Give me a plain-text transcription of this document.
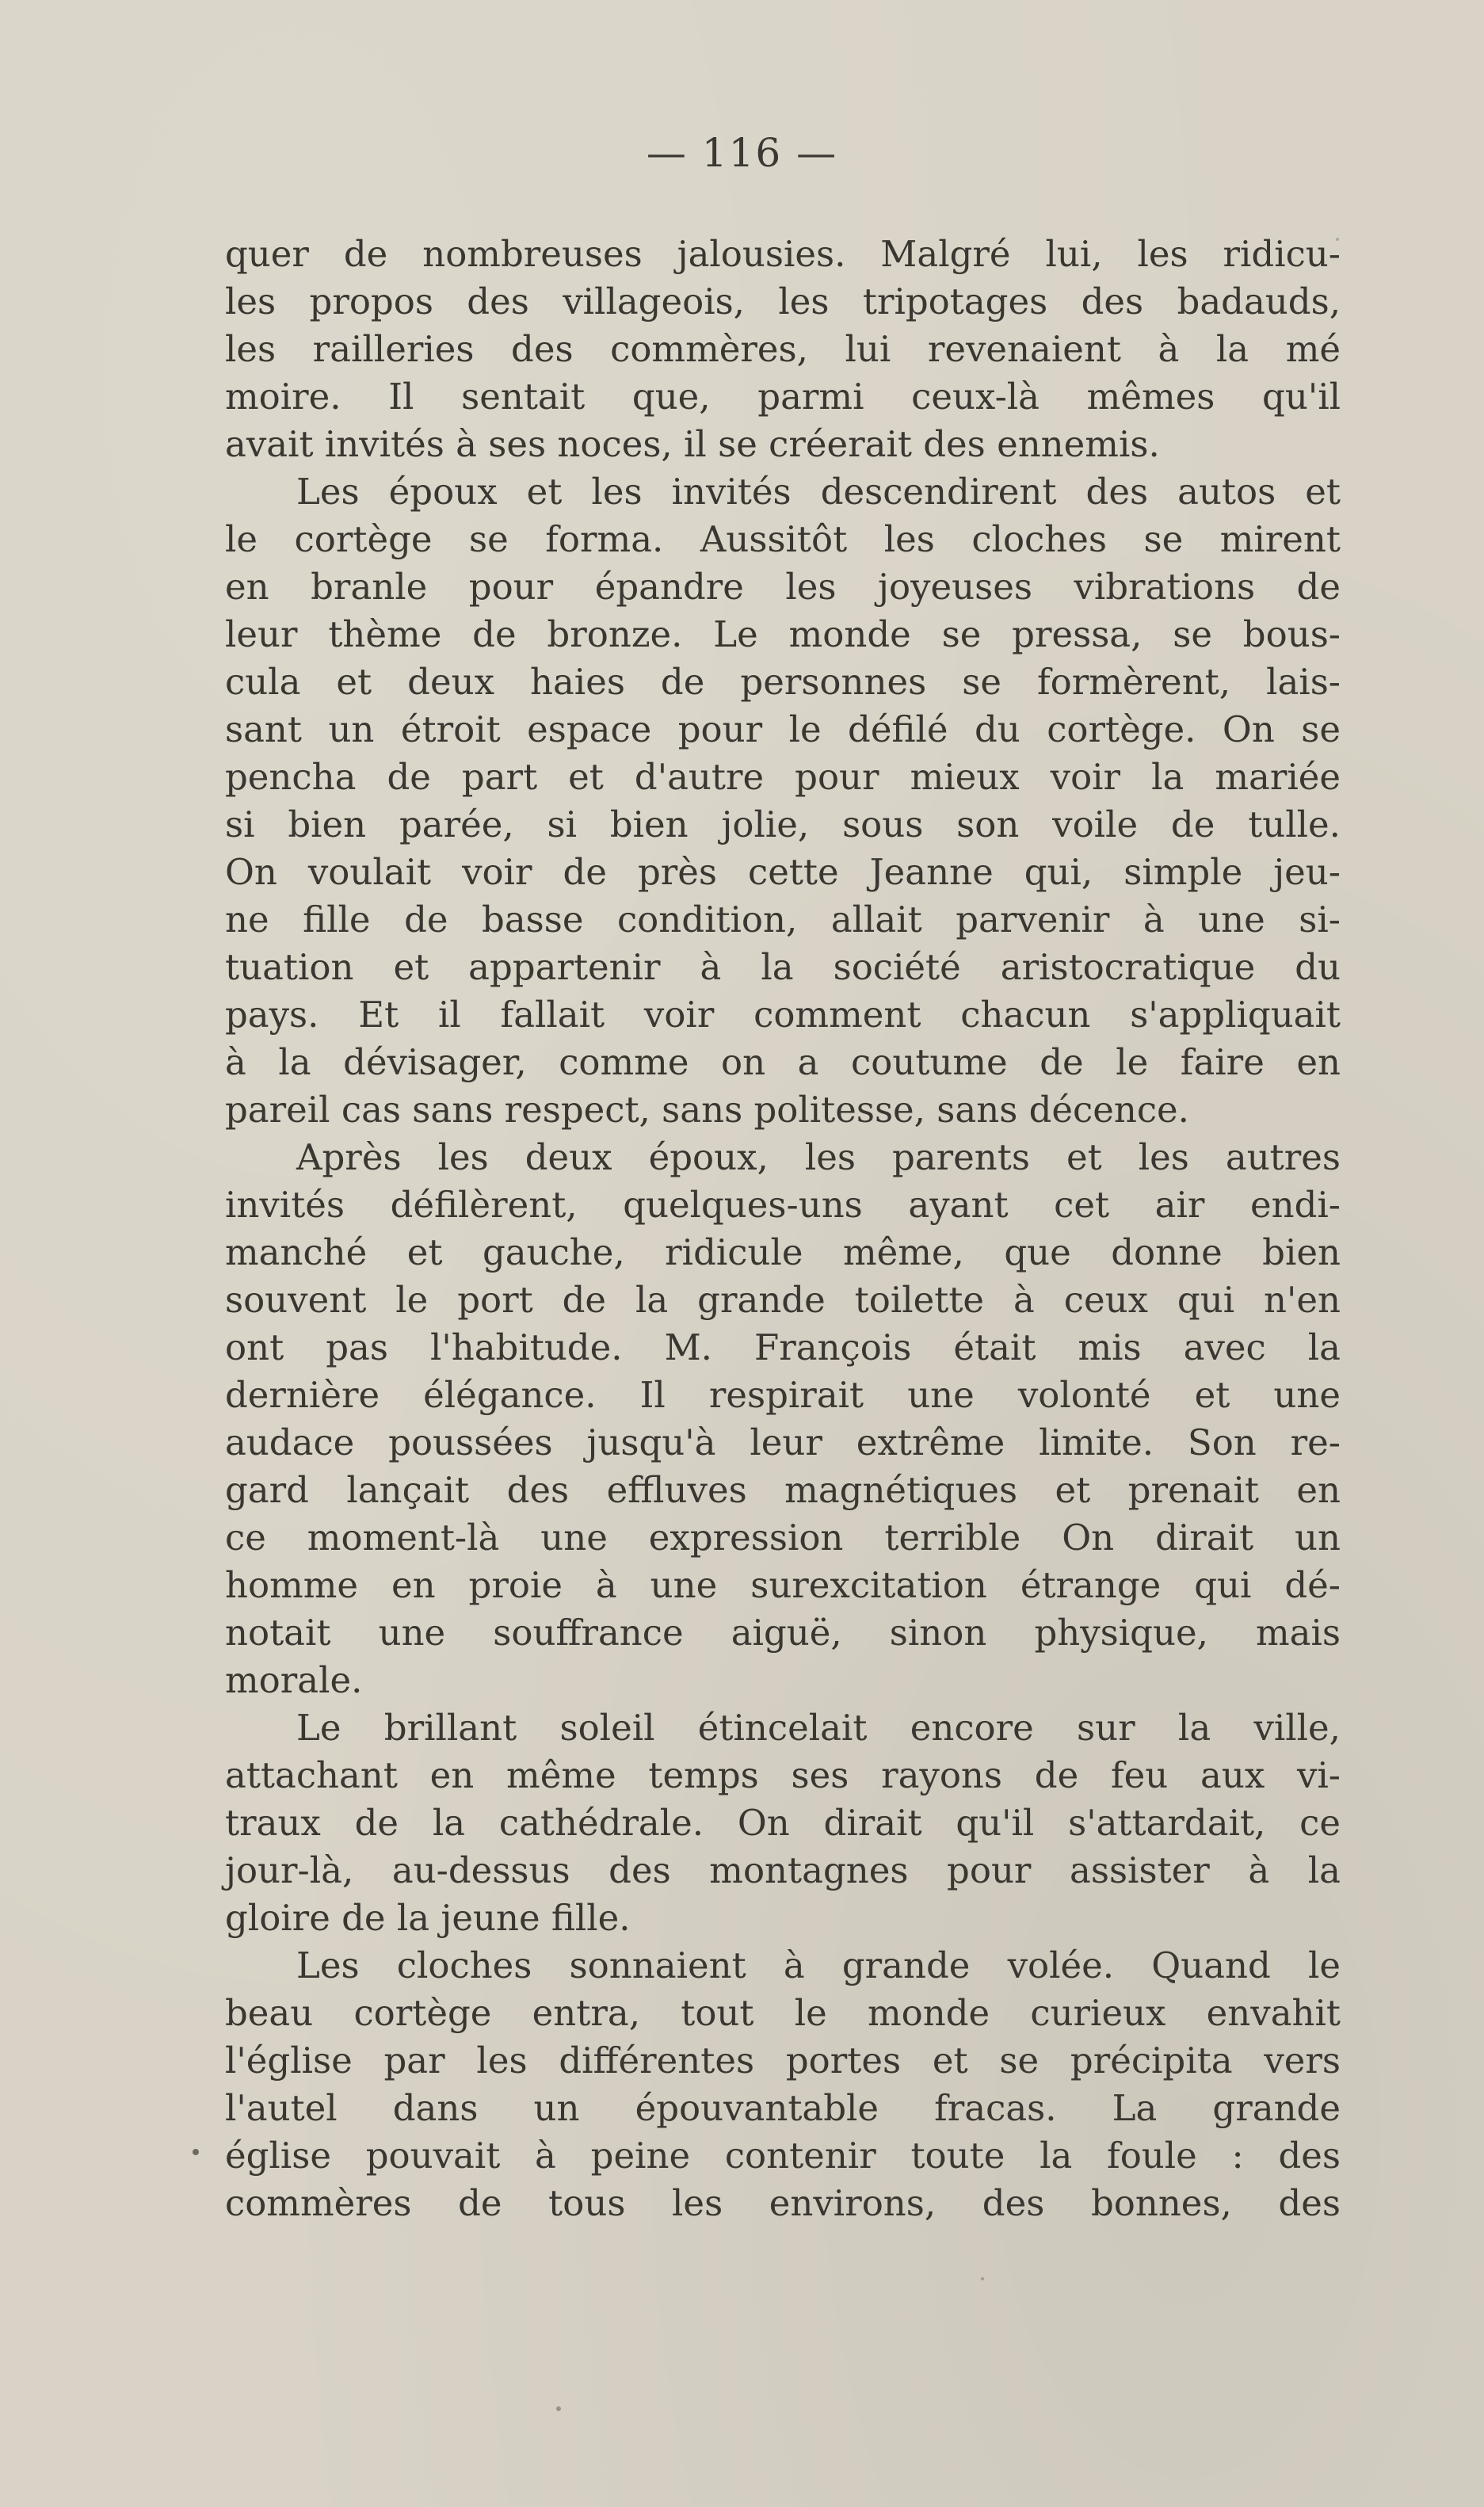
— 116 —
quer de nombreuses jalousies. Malgré lui, les ridicu-
les propos des villageois, les tripotages des badauds,
les railleries des commères, lui revenaient à la mé
moire. Il sentait que, parmi ceux-là mêmes qu'il
avait invités à ses noces, il se créerait des ennemis.
Les époux et les invités descendirent des autos et
le cortège se forma. Aussitôt les cloches se mirent
en branle pour épandre les joyeuses vibrations de
leur thème de bronze. Le monde se pressa, se bous-
cula et deux haies de personnes se formèrent, lais-
sant un étroit espace pour le défilé du cortège. On se
pencha de part et d'autre pour mieux voir la mariée
si bien parée, si bien jolie, sous son voile de tulle.
On voulait voir de près cette Jeanne qui, simple jeu-
ne fille de basse condition, allait parvenir à une si-
tuation et appartenir à la société aristocratique du
pays. Et il fallait voir comment chacun s'appliquait
à la dévisager, comme on a coutume de le faire en
pareil cas sans respect, sans politesse, sans décence.
Après les deux époux, les parents et les autres
invités défilèrent, quelques-uns ayant cet air endi-
manché et gauche, ridicule même, que donne bien
souvent le port de la grande toilette à ceux qui n'en
ont pas l'habitude. M. François était mis avec la
dernière élégance. Il respirait une volonté et une
audace poussées jusqu'à leur extrême limite. Son re-
gard lançait des effluves magnétiques et prenait en
ce moment-là une expression terrible On dirait un
homme en proie à une surexcitation étrange qui dé-
notait une souffrance aiguë, sinon physique, mais
morale.
Le brillant soleil étincelait encore sur la ville,
attachant en même temps ses rayons de feu aux vi-
traux de la cathédrale. On dirait qu'il s'attardait, ce
jour-là, au-dessus des montagnes pour assister à la
gloire de la jeune fille.
Les cloches sonnaient à grande volée. Quand le
beau cortège entra, tout le monde curieux envahit
l'église par les différentes portes et se précipita vers
l'autel dans un épouvantable fracas. La grande
église pouvait à peine contenir toute la foule : des
commères de tous les environs, des bonnes, des
